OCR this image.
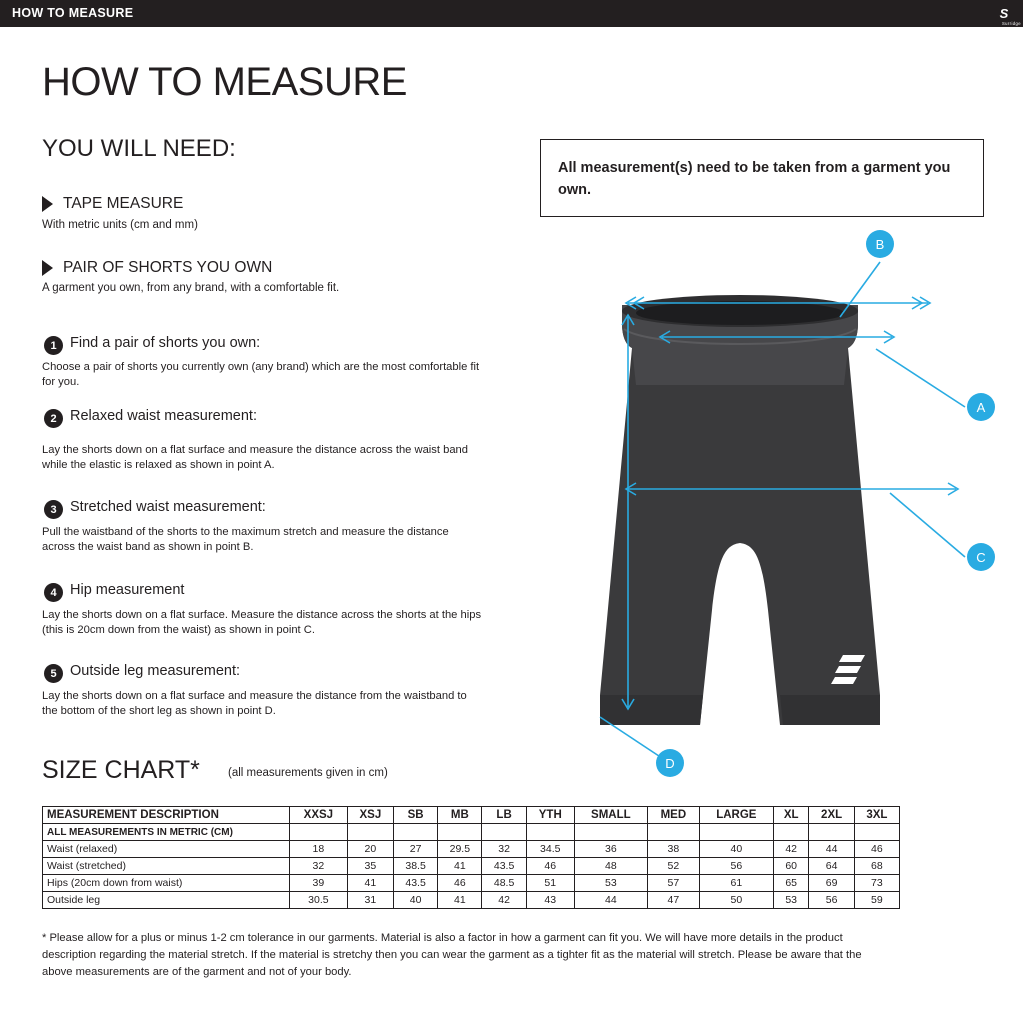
HOW TO MEASURE	S
Surridge
HOW TO MEASURE
YOU WILL NEED:
TAPE MEASURE
With metric units (cm and mm)
PAIR OF SHORTS YOU OWN
A garment you own, from any brand, with a comfortable fit.
All measurement(s) need to be taken from a garment you own.
1 Find a pair of shorts you own:
Choose a pair of shorts you currently own (any brand) which are the most comfortable fit for you.
2 Relaxed waist measurement:
Lay the shorts down on a flat surface and measure the distance across the waist band while the elastic is relaxed as shown in point A.
3 Stretched waist measurement:
Pull the waistband of the shorts to the maximum stretch and measure the distance across the waist band as shown in point B.
4 Hip measurement
Lay the shorts down on a flat surface. Measure the distance across the shorts at the hips (this is 20cm down from the waist) as shown in point C.
5 Outside leg measurement:
Lay the shorts down on a flat surface and measure the distance from the waistband to the bottom of the short leg as shown in point D.
B
A
C
D
SIZE CHART* (all measurements given in cm)
MEASUREMENT DESCRIPTION	XXSJ	XSJ	SB	MB	LB	YTH	SMALL	MED	LARGE	XL	2XL	3XL
ALL MEASUREMENTS IN METRIC (CM)												
Waist (relaxed)	18	20	27	29.5	32	34.5	36	38	40	42	44	46
Waist (stretched)	32	35	38.5	41	43.5	46	48	52	56	60	64	68
Hips (20cm down from waist)	39	41	43.5	46	48.5	51	53	57	61	65	69	73
Outside leg	30.5	31	40	41	42	43	44	47	50	53	56	59
* Please allow for a plus or minus 1-2 cm tolerance in our garments. Material is also a factor in how a garment can fit you. We will have more details in the product description regarding the material stretch. If the material is stretchy then you can wear the garment as a tighter fit as the material will stretch. Please be aware that the above measurements are of the garment and not of your body.
